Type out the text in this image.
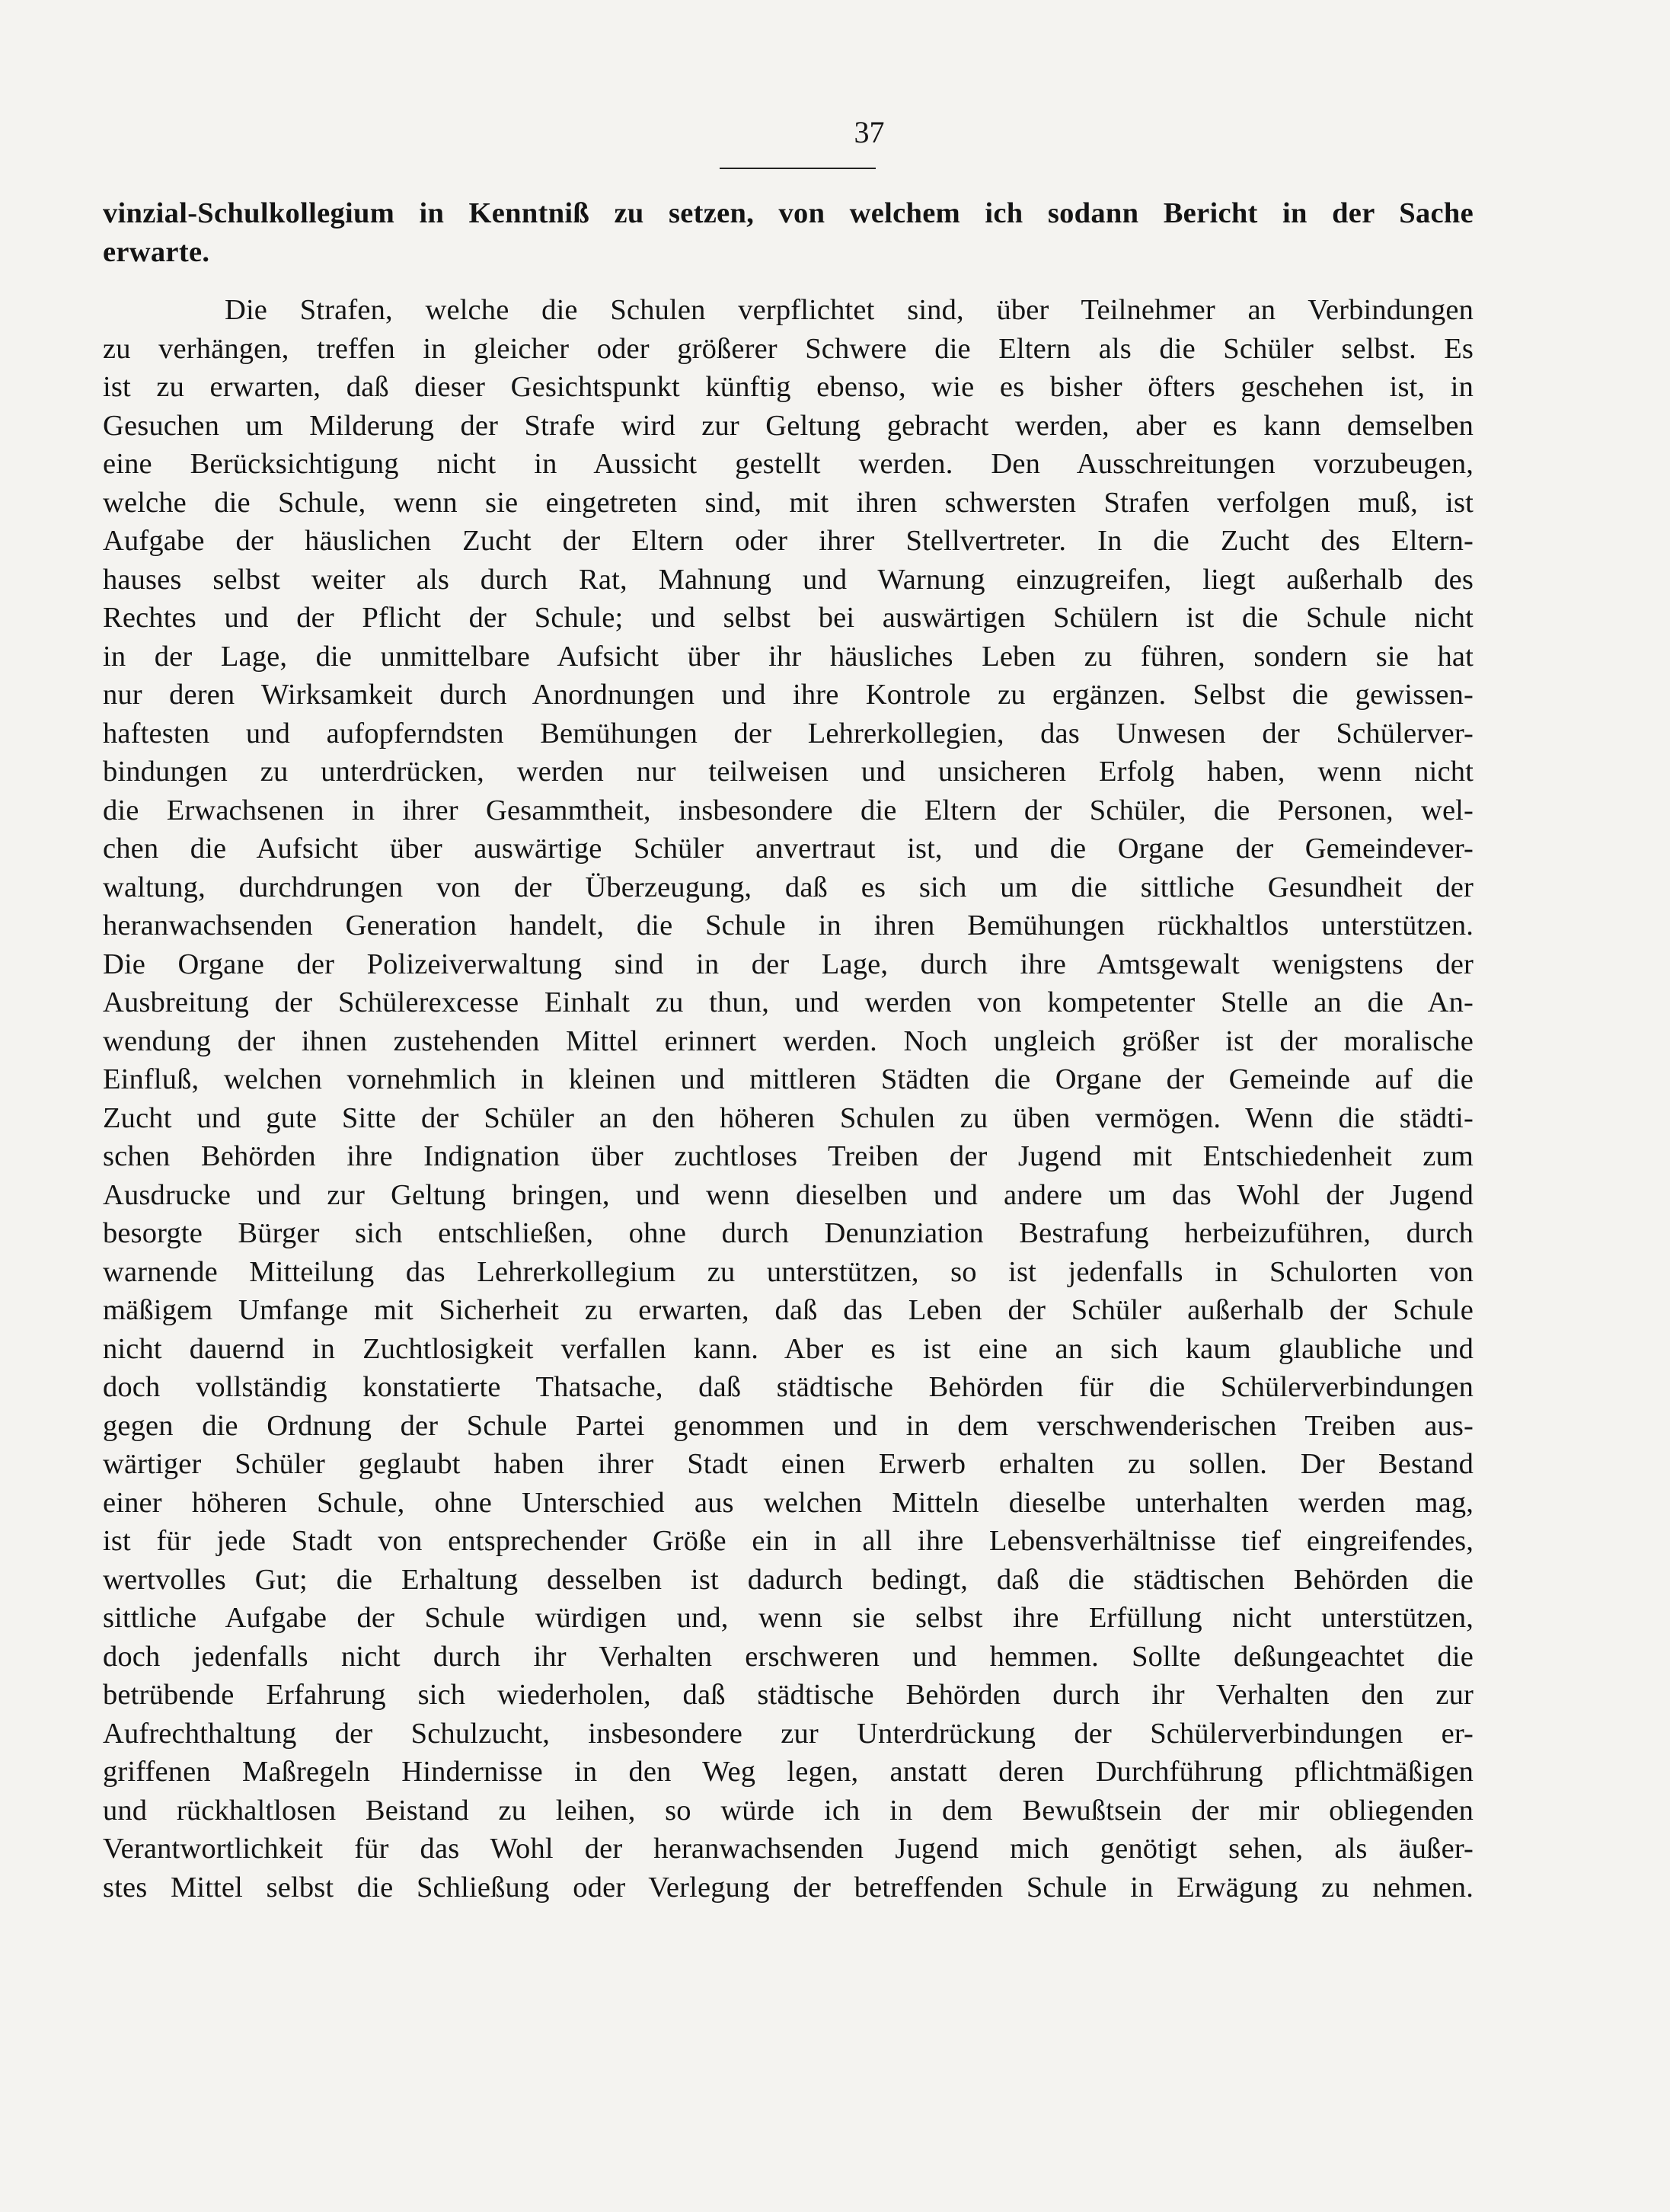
37
vinzial-Schulkollegium in Kenntniß zu setzen, von welchem ich sodann Bericht in der Sache
erwarte.
Die Strafen, welche die Schulen verpflichtet sind, über Teilnehmer an Verbindungen
zu verhängen, treffen in gleicher oder größerer Schwere die Eltern als die Schüler selbst. Es
ist zu erwarten, daß dieser Gesichtspunkt künftig ebenso, wie es bisher öfters geschehen ist, in
Gesuchen um Milderung der Strafe wird zur Geltung gebracht werden, aber es kann demselben
eine Berücksichtigung nicht in Aussicht gestellt werden. Den Ausschreitungen vorzubeugen,
welche die Schule, wenn sie eingetreten sind, mit ihren schwersten Strafen verfolgen muß, ist
Aufgabe der häuslichen Zucht der Eltern oder ihrer Stellvertreter. In die Zucht des Eltern-
hauses selbst weiter als durch Rat, Mahnung und Warnung einzugreifen, liegt außerhalb des
Rechtes und der Pflicht der Schule; und selbst bei auswärtigen Schülern ist die Schule nicht
in der Lage, die unmittelbare Aufsicht über ihr häusliches Leben zu führen, sondern sie hat
nur deren Wirksamkeit durch Anordnungen und ihre Kontrole zu ergänzen. Selbst die gewissen-
haftesten und aufopferndsten Bemühungen der Lehrerkollegien, das Unwesen der Schülerver-
bindungen zu unterdrücken, werden nur teilweisen und unsicheren Erfolg haben, wenn nicht
die Erwachsenen in ihrer Gesammtheit, insbesondere die Eltern der Schüler, die Personen, wel-
chen die Aufsicht über auswärtige Schüler anvertraut ist, und die Organe der Gemeindever-
waltung, durchdrungen von der Überzeugung, daß es sich um die sittliche Gesundheit der
heranwachsenden Generation handelt, die Schule in ihren Bemühungen rückhaltlos unterstützen.
Die Organe der Polizeiverwaltung sind in der Lage, durch ihre Amtsgewalt wenigstens der
Ausbreitung der Schülerexcesse Einhalt zu thun, und werden von kompetenter Stelle an die An-
wendung der ihnen zustehenden Mittel erinnert werden. Noch ungleich größer ist der moralische
Einfluß, welchen vornehmlich in kleinen und mittleren Städten die Organe der Gemeinde auf die
Zucht und gute Sitte der Schüler an den höheren Schulen zu üben vermögen. Wenn die städti-
schen Behörden ihre Indignation über zuchtloses Treiben der Jugend mit Entschiedenheit zum
Ausdrucke und zur Geltung bringen, und wenn dieselben und andere um das Wohl der Jugend
besorgte Bürger sich entschließen, ohne durch Denunziation Bestrafung herbeizuführen, durch
warnende Mitteilung das Lehrerkollegium zu unterstützen, so ist jedenfalls in Schulorten von
mäßigem Umfange mit Sicherheit zu erwarten, daß das Leben der Schüler außerhalb der Schule
nicht dauernd in Zuchtlosigkeit verfallen kann. Aber es ist eine an sich kaum glaubliche und
doch vollständig konstatierte Thatsache, daß städtische Behörden für die Schülerverbindungen
gegen die Ordnung der Schule Partei genommen und in dem verschwenderischen Treiben aus-
wärtiger Schüler geglaubt haben ihrer Stadt einen Erwerb erhalten zu sollen. Der Bestand
einer höheren Schule, ohne Unterschied aus welchen Mitteln dieselbe unterhalten werden mag,
ist für jede Stadt von entsprechender Größe ein in all ihre Lebensverhältnisse tief eingreifendes,
wertvolles Gut; die Erhaltung desselben ist dadurch bedingt, daß die städtischen Behörden die
sittliche Aufgabe der Schule würdigen und, wenn sie selbst ihre Erfüllung nicht unterstützen,
doch jedenfalls nicht durch ihr Verhalten erschweren und hemmen. Sollte deßungeachtet die
betrübende Erfahrung sich wiederholen, daß städtische Behörden durch ihr Verhalten den zur
Aufrechthaltung der Schulzucht, insbesondere zur Unterdrückung der Schülerverbindungen er-
griffenen Maßregeln Hindernisse in den Weg legen, anstatt deren Durchführung pflichtmäßigen
und rückhaltlosen Beistand zu leihen, so würde ich in dem Bewußtsein der mir obliegenden
Verantwortlichkeit für das Wohl der heranwachsenden Jugend mich genötigt sehen, als äußer-
stes Mittel selbst die Schließung oder Verlegung der betreffenden Schule in Erwägung zu nehmen.
